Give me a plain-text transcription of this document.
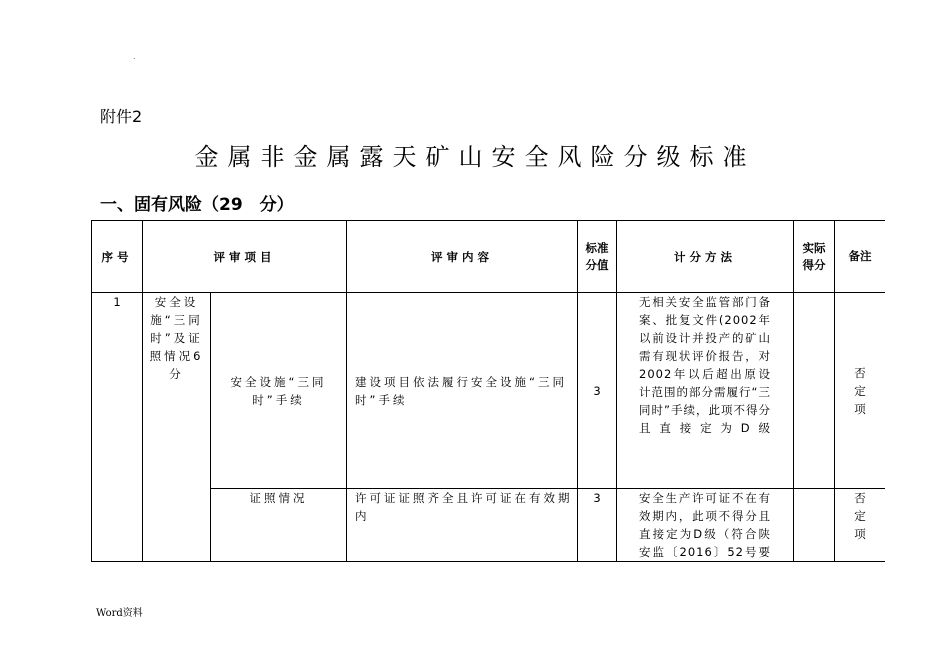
.
附件2
金属非金属露天矿山安全风险分级标准
一、固有风险（29　分）
序号	评审项目		评审内容	标准分值	计分方法	实际得分	备注
1	安全设施“三同时”及证照情况6分	安全设施“三同时”手续	建设项目依法履行安全设施“三同时”手续	3	无相关安全监管部门备案、批复文件(2002年以前设计并投产的矿山需有现状评价报告，对2002年以后超出原设计范围的部分需履行“三同时”手续，此项不得分且直接定为D级		否定项
		证照情况	许可证证照齐全且许可证在有效期内	3	安全生产许可证不在有效期内，此项不得分且直接定为D级（符合陕安监〔2016〕52号要		否定项
Word资料
